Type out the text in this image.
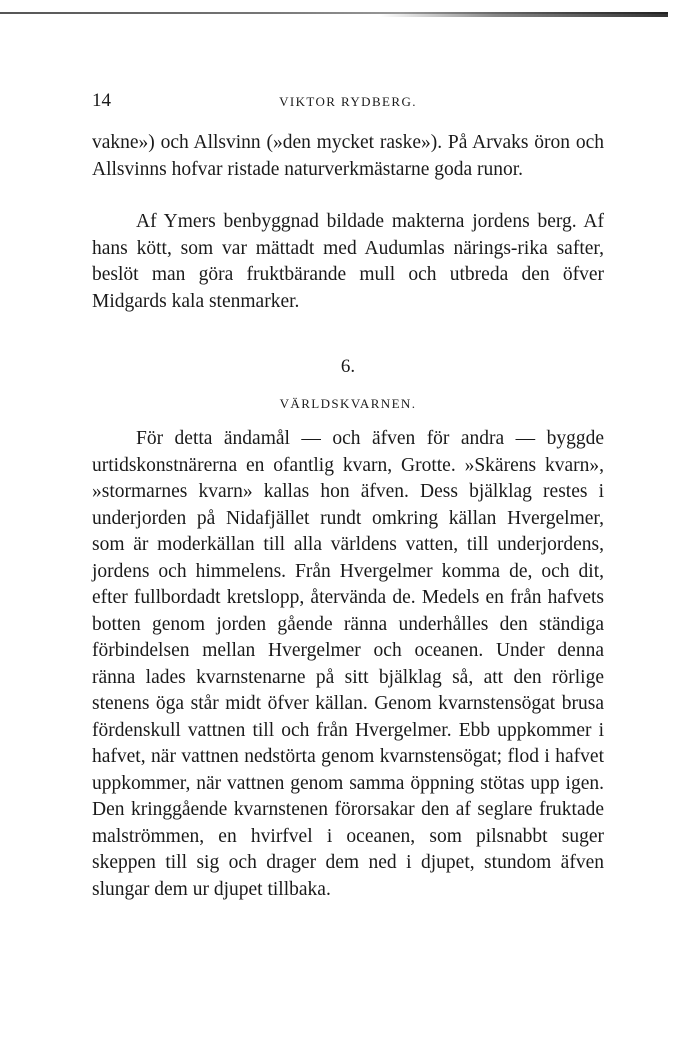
14	VIKTOR RYDBERG.

vakne») och Allsvinn (»den mycket raske»). På Arvaks öron och Allsvinns hofvar ristade naturverkmästarne goda runor.

Af Ymers benbyggnad bildade makterna jordens berg. Af hans kött, som var mättadt med Audumlas närings-rika safter, beslöt man göra fruktbärande mull och utbreda den öfver Midgards kala stenmarker.

6.
VÄRLDSKVARNEN.

För detta ändamål — och äfven för andra — byggde urtidskonstnärerna en ofantlig kvarn, Grotte. »Skärens kvarn», »stormarnes kvarn» kallas hon äfven. Dess bjälklag restes i underjorden på Nidafjället rundt omkring källan Hvergelmer, som är moderkällan till alla världens vatten, till underjordens, jordens och himmelens. Från Hvergelmer komma de, och dit, efter fullbordadt kretslopp, återvända de. Medels en från hafvets botten genom jorden gående ränna underhålles den ständiga förbindelsen mellan Hvergelmer och oceanen. Under denna ränna lades kvarnstenarne på sitt bjälklag så, att den rörlige stenens öga står midt öfver källan. Genom kvarnstensögat brusa fördenskull vattnen till och från Hvergelmer. Ebb uppkommer i hafvet, när vattnen nedstörta genom kvarnstensögat; flod i hafvet uppkommer, när vattnen genom samma öppning stötas upp igen. Den kringgående kvarnstenen förorsakar den af seglare fruktade malströmmen, en hvirfvel i oceanen, som pilsnabbt suger skeppen till sig och drager dem ned i djupet, stundom äfven slungar dem ur djupet tillbaka.
